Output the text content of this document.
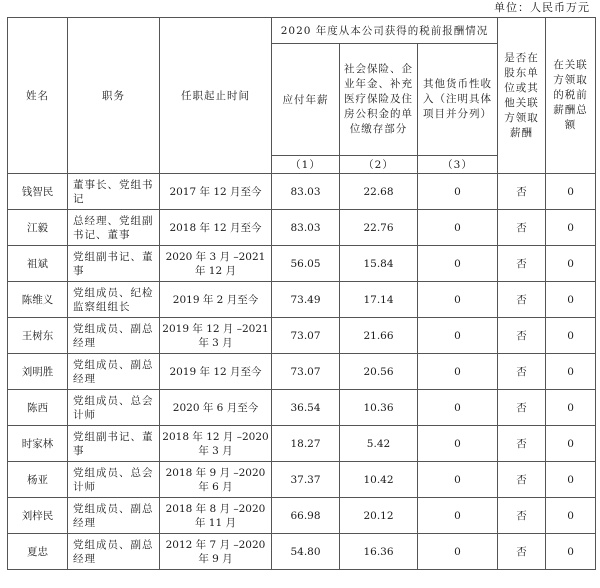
单位：人民币万元
姓名	职务	任职起止时间	2020 年度从本公司获得的税前报酬情况			是否在股东单位或其他关联方领取薪酬	在关联方领取的税前薪酬总额
			应付年薪	社会保险、企业年金、补充医疗保险及住房公积金的单位缴存部分	其他货币性收入（注明具体项目并分列）		
			（1）	（2）	（3）		
钱智民	董事长、党组书记	2017 年 12 月至今	83.03	22.68	0	否	0
江毅	总经理、党组副书记、董事	2018 年 12 月至今	83.03	22.76	0	否	0
祖斌	党组副书记、董事	2020 年 3 月 –2021 年 12 月	56.05	15.84	0	否	0
陈维义	党组成员、纪检监察组组长	2019 年 2 月至今	73.49	17.14	0	否	0
王树东	党组成员、副总经理	2019 年 12 月 –2021 年 3 月	73.07	21.66	0	否	0
刘明胜	党组成员、副总经理	2019 年 12 月至今	73.07	20.56	0	否	0
陈西	党组成员、总会计师	2020 年 6 月至今	36.54	10.36	0	否	0
时家林	党组副书记、董事	2018 年 12 月 –2020 年 3 月	18.27	5.42	0	否	0
杨亚	党组成员、总会计师	2018 年 9 月 –2020 年 6 月	37.37	10.42	0	否	0
刘梓民	党组成员、副总经理	2018 年 8 月 –2020 年 11 月	66.98	20.12	0	否	0
夏忠	党组成员、副总经理	2012 年 7 月 –2020 年 9 月	54.80	16.36	0	否	0
